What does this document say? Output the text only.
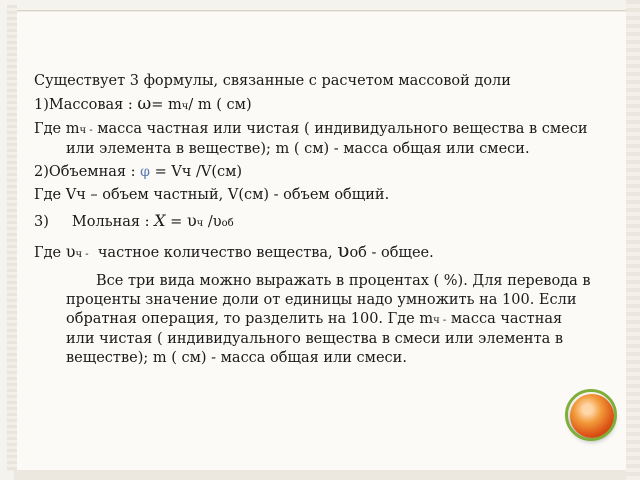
Существует 3 формулы, связанные с расчетом массовой доли

1)Массовая : ω= mч/ m ( см)

Где mч - масса частная или чистая ( индивидуального вещества в смеси или элемента в веществе); m ( см) - масса общая или смеси.

2)Объемная : φ = Vч /V(см)

Где Vч – объем частный, V(см) - объем общий.

3)     Мольная : Х = υч /υоб

Где υч -  частное количество вещества, υоб - общее.

Все три вида можно выражать в процентах ( %). Для перевода в проценты значение доли от единицы надо умножить на 100. Если обратная операция, то разделить на 100. Где mч - масса частная или чистая ( индивидуального вещества в смеси или элемента в веществе); m ( см) - масса общая или смеси.
